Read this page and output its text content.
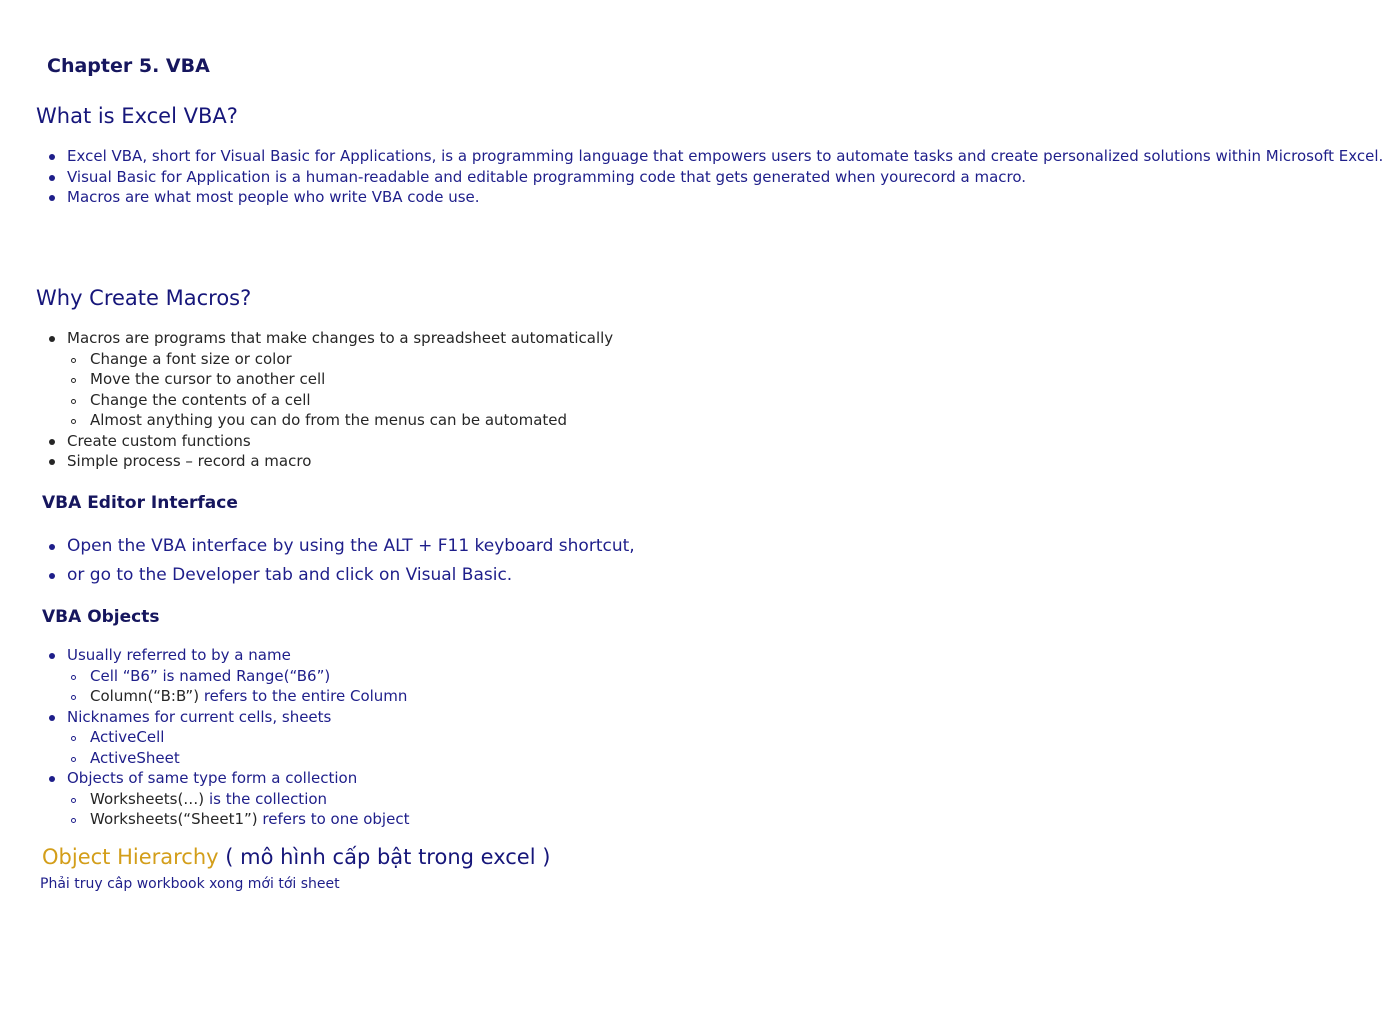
Chapter 5. VBA
What is Excel VBA?
Excel VBA, short for Visual Basic for Applications, is a programming language that empowers users to automate tasks and create personalized solutions within Microsoft Excel.
Visual Basic for Application is a human-readable and editable programming code that gets generated when yourecord a macro.
Macros are what most people who write VBA code use.
Why Create Macros?
Macros are programs that make changes to a spreadsheet automatically
Change a font size or color
Move the cursor to another cell
Change the contents of a cell
Almost anything you can do from the menus can be automated
Create custom functions
Simple process – record a macro
VBA Editor Interface
Open the VBA interface by using the ALT + F11 keyboard shortcut,
or go to the Developer tab and click on Visual Basic.
VBA Objects
Usually referred to by a name
Cell “B6” is named Range(“B6”)
Column(“B:B”) refers to the entire Column
Nicknames for current cells, sheets
ActiveCell
ActiveSheet
Objects of same type form a collection
Worksheets(…) is the collection
Worksheets(“Sheet1”) refers to one object
Object Hierarchy ( mô hình cấp bật trong excel )
Phải truy câp workbook xong mới tới sheet
